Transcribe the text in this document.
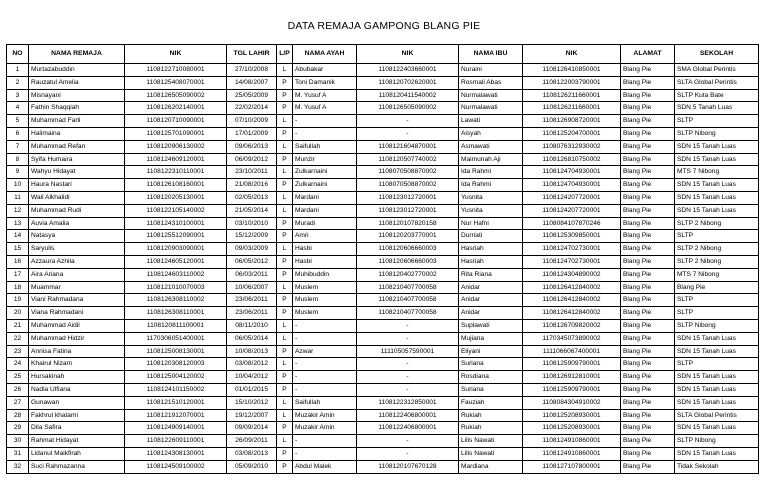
DATA REMAJA GAMPONG BLANG PIE
NO	NAMA REMAJA	NIK	TGL LAHIR	L/P	NAMA AYAH	NIK	NAMA IBU	NIK	ALAMAT	SEKOLAH
1	Murtazabuddin	1108122710080001	27/10/2008	L	Abubakar	1108122403660001	Nuraini	1108126410850001	Blang Pie	SMA Global Perintis
2	Rauzatul Amelia	1108125408070001	14/08/2007	P	Toni Damanik	1108120702620001	Rosmali Abas	1108122003790001	Blang Pie	SLTA Global Perintis
3	Misnayani	1108126505090002	25/05/2009	P	M. Yusuf A	1108120411540002	Nurmalawati	1108126211660001	Blang Pie	SLTP Kuta Bate
4	Fathin Shaqqiah	1108126202140001	22/02/2014	P	M. Yusuf A	1108126505090002	Nurmalawati	1108126211660001	Blang Pie	SDN 5 Tanah Luas
5	Muhammad Farli	1108120710090001	07/10/2009	L	-	-	Lawati	1108126908720001	Blang Pie	SLTP
6	Halimaina	1108125701090001	17/01/2009	P	-	-	Aisyah	1108125204700001	Blang Pie	SLTP Nibong
7	Muhammad Refan	1108120906130002	09/06/2013	L	Saifullah	1108121604870001	Asmawati	1108076312930002	Blang Pie	SDN 15 Tanah Luas
8	Syifa Humaira	1108124609120001	06/09/2012	P	Munzir	1108120507740002	Maimunah Aji	1108126810750002	Blang Pie	SDN 15 Tanah Luas
9	Wahyu Hidayat	1108122310110001	23/10/2011	L	Zulkarnaini	1108070508870002	Ida Rahmi	1108124704930001	Blang Pie	MTS 7 Nibong
10	Haura Nastari	1108126108160001	21/08/2016	P	Zulkarnaini	1108070508870002	Ida Rahmi	1108124704930001	Blang Pie	SDN 15 Tanah Luas
11	Wail Alkhalidi	1108120205130001	02/05/2013	L	Mardani	1108123012720001	Yusnita	1108124207720001	Blang Pie	SDN 15 Tanah Luas
12	Muhammad Rudi	1108122105140002	21/05/2014	L	Mardani	1108123012720001	Yusnita	1108124207720001	Blang Pie	SDN 15 Tanah Luas
13	Auvia Amalia	1108124310100001	03/10/2010	P	Muradi	1108120107820158	Nur Hafni	1108084107870246	Blang Pie	SLTP 2 Nibong
14	Natasya	1108125512090001	15/12/2009	P	Amri	1108120203770001	Durriati	1108125309850001	Blang Pie	SLTP
15	Saryulis	1108120903090001	09/03/2009	L	Hasbi	1108120606660003	Hasriah	1108124702730001	Blang Pie	SLTP 2 Nibong
16	Azzaura Azhila	1108124605120001	06/05/2012	P	Hasbi	1108120606660003	Hasriah	1108124702730001	Blang Pie	SLTP 2 Nibong
17	Aira Ariana	1108124603110002	06/03/2011	P	Muhibuddin	1108120402770002	Rita Riana	1108124304890002	Blang Pie	MTS 7 Nibong
18	Muammar	1108121010070003	10/06/2007	L	Muslem	1108210407700058	Anidar	1108126412840002	Blang Pie	Blang Pie
19	Viani Rahmadana	1108126308110002	23/06/2011	P	Muslem	1108210407700058	Anidar	1108126412840002	Blang Pie	SLTP
20	Viana Rahmadani	1108126308110001	23/06/2011	P	Muslem	1108210407700058	Anidar	1108126412840002	Blang Pie	SLTP
21	Muhammad Aidil	1108120811100001	08/11/2010	L	-	-	Suplawati	1108126709820002	Blang Pie	SLTP Nibong
22	Muhammad Hidzir	1170306051400001	06/05/2014	L	-	-	Mujiana	1170345073890002	Blang Pie	SDN 15 Tanah Luas
23	Annisa Fatina	1108125008130001	10/08/2013	P	Azwar	111105057590001	Eliyani	1111066067400001	Blang Pie	SDN 15 Tanah Luas
24	Khairul Nizam	1108120308120003	03/08/2012	L	-	-	Suriana	1108125909790001	Blang Pie	SLTP
25	Hursakinah	1108125004120002	10/04/2012	P	-	-	Rosdiana	1108126912810001	Blang Pie	SDN 15 Tanah Luas
26	Nadia Ulfiana	1108124101150002	01/01/2015	P	-	-	Suriana	1108125909790001	Blang Pie	SDN 15 Tanah Luas
27	Gunawan	1108121510120001	15/10/2012	L	Saifullah	1108122312850001	Fauziah	1108084304910002	Blang Pie	SDN 15 Tanah Luas
28	Fakhrul khatami	1108121912070001	19/12/2007	L	Muzakir Amin	1108122406800001	Rukiah	1108125208930001	Blang Pie	SLTA Global Perintis
29	Dila Safira	1108124909140001	09/09/2014	P	Muzakir Amin	1108122406800001	Rukiah	1108125208930001	Blang Pie	SDN 15 Tanah Luas
30	Rahmat Hidayat	1108122609110001	26/09/2011	L	-	-	Lilis Nawati	1108124910860001	Blang Pie	SLTP Nibong
31	Lidanul Maikfirah	1108124308130001	03/08/2013	P	-	-	Lilis Nawati	1108124910860001	Blang Pie	SDN 15 Tanah Luas
32	Suci Rahmazanna	1108124509100002	05/09/2010	P	Abdul Malek	1108120107670128	Mardiana	1108127107800001	Blang Pie	Tidak Sekolah
